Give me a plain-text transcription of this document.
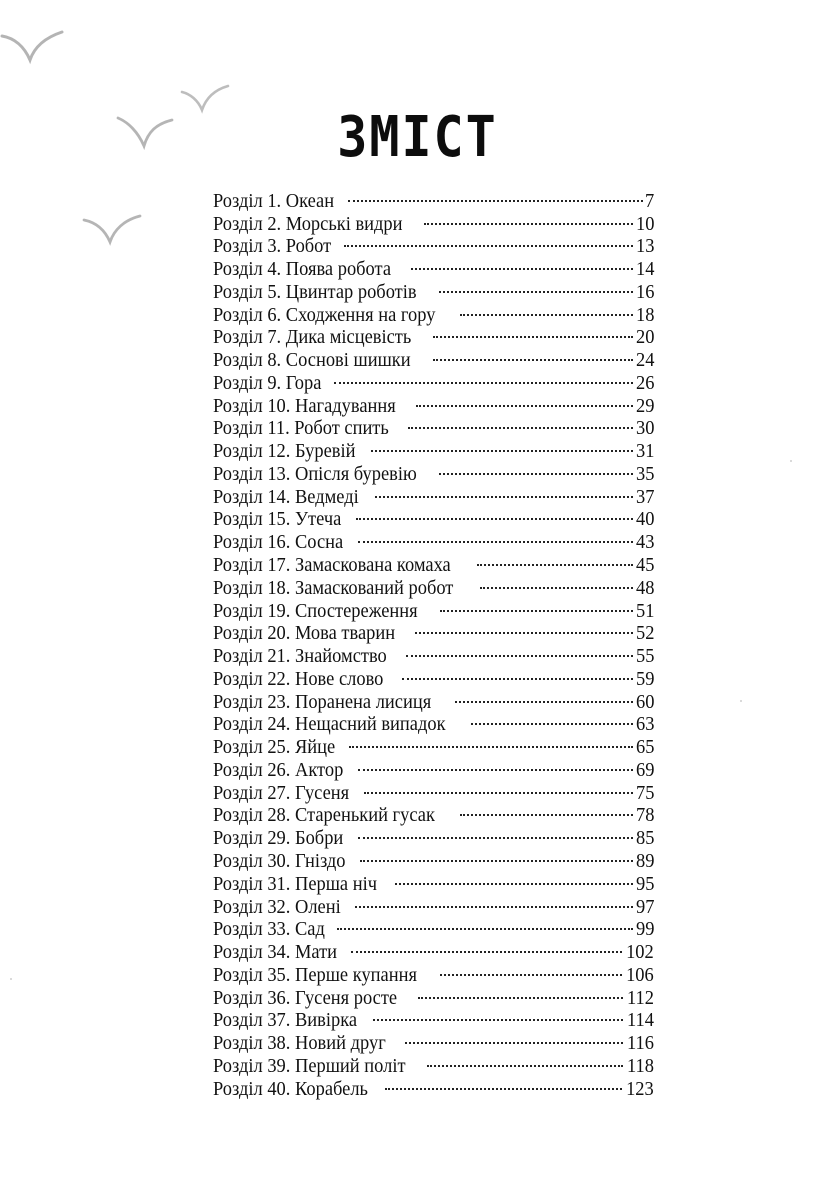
ЗМІСТ
Розділ 1. Океан	7
Розділ 2. Морські видри	10
Розділ 3. Робот	13
Розділ 4. Поява робота	14
Розділ 5. Цвинтар роботів	16
Розділ 6. Сходження на гору	18
Розділ 7. Дика місцевість	20
Розділ 8. Соснові шишки	24
Розділ 9. Гора	26
Розділ 10. Нагадування	29
Розділ 11. Робот спить	30
Розділ 12. Буревій	31
Розділ 13. Опісля буревію	35
Розділ 14. Ведмеді	37
Розділ 15. Утеча	40
Розділ 16. Сосна	43
Розділ 17. Замаскована комаха	45
Розділ 18. Замаскований робот	48
Розділ 19. Спостереження	51
Розділ 20. Мова тварин	52
Розділ 21. Знайомство	55
Розділ 22. Нове слово	59
Розділ 23. Поранена лисиця	60
Розділ 24. Нещасний випадок	63
Розділ 25. Яйце	65
Розділ 26. Актор	69
Розділ 27. Гусеня	75
Розділ 28. Старенький гусак	78
Розділ 29. Бобри	85
Розділ 30. Гніздо	89
Розділ 31. Перша ніч	95
Розділ 32. Олені	97
Розділ 33. Сад	99
Розділ 34. Мати	102
Розділ 35. Перше купання	106
Розділ 36. Гусеня росте	112
Розділ 37. Вивірка	114
Розділ 38. Новий друг	116
Розділ 39. Перший політ	118
Розділ 40. Корабель	123
